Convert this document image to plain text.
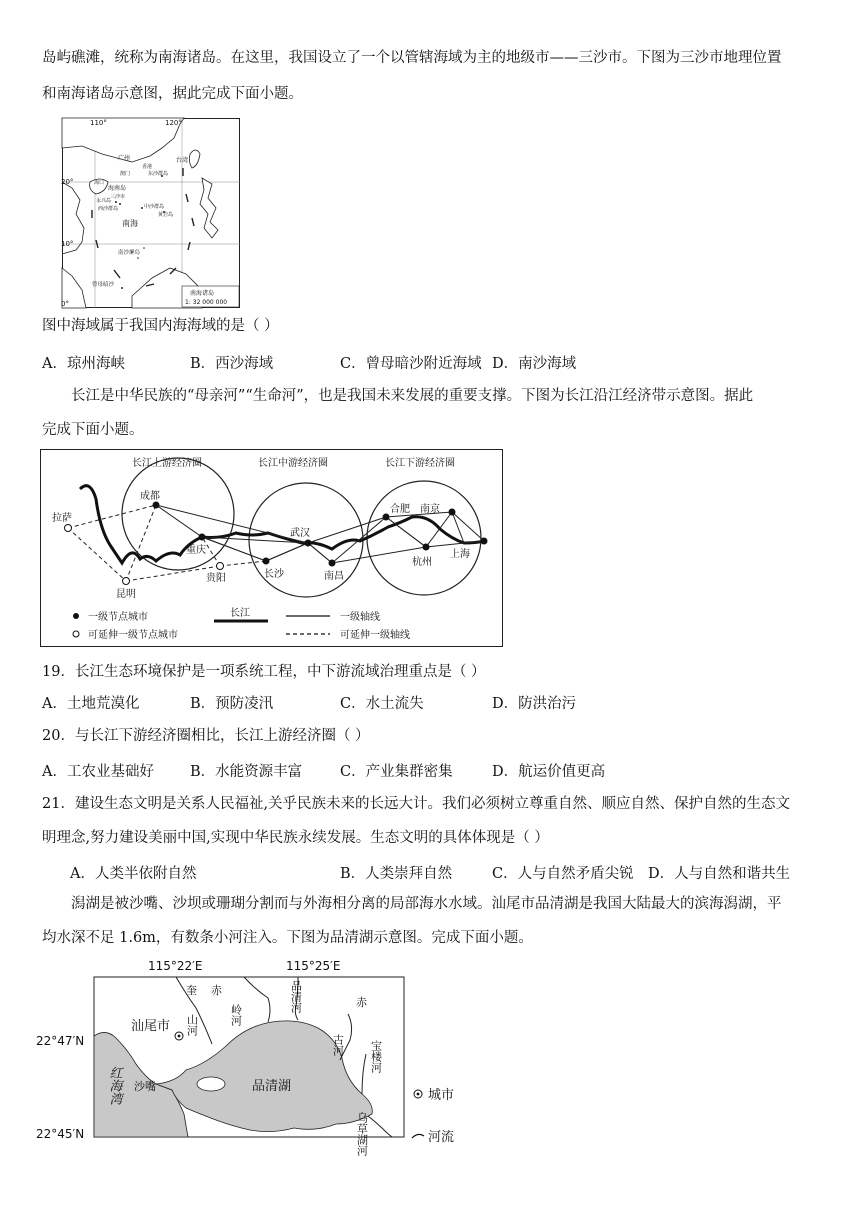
岛屿礁滩，统称为南海诸岛。在这里，我国设立了一个以管辖海域为主的地级市——三沙市。下图为三沙市地理位置
和南海诸岛示意图，据此完成下面小题。
110°	120°
20°
10°
0°
广州	台湾
香港
澳门	东沙群岛
海口
海南岛
三沙市
永兴岛
西沙群岛	中沙群岛
黄岩岛
南海
南沙群岛
曾母暗沙
南海诸岛
1: 32 000 000
图中海域属于我国内海海域的是（ ）
A．琼州海峡	B．西沙海域	C．曾母暗沙附近海域 D．南沙海域
长江是中华民族的“母亲河”“生命河”，也是我国未来发展的重要支撑。下图为长江沿江经济带示意图。据此
完成下面小题。
长江上游经济圈	长江中游经济圈	长江下游经济圈
成都
拉萨
重庆
武汉
长沙	南昌
贵阳
昆明
合肥 南京
杭州
上海
一级节点城市
可延伸一级节点城市
长江	一级轴线
可延伸一级轴线
19．长江生态环境保护是一项系统工程，中下游流域治理重点是（ ）
A．土地荒漠化	B．预防凌汛	C．水土流失	D．防洪治污
20．与长江下游经济圈相比，长江上游经济圈（ ）
A．工农业基础好 B．水能资源丰富	C．产业集群密集	D．航运价值更高
21．建设生态文明是关系人民福祉,关乎民族未来的长远大计。我们必须树立尊重自然、顺应自然、保护自然的生态文
明理念,努力建设美丽中国,实现中华民族永续发展。生态文明的具体体现是（ ）
A．人类半依附自然	B．人类崇拜自然	C．人与自然矛盾尖锐 D．人与自然和谐共生
潟湖是被沙嘴、沙坝或珊瑚分割而与外海相分离的局部海水水域。汕尾市品清湖是我国大陆最大的滨海潟湖，平
均水深不足 1.6m，有数条小河注入。下图为品清湖示意图。完成下面小题。
115°22′E	115°25′E
22°47′N
22°45′N
汕尾市
品清湖
红海湾 沙嘴
奎赤
岭河
山河
品清河	赤
古河 宝楼河
乌草湖河
城市
河流
